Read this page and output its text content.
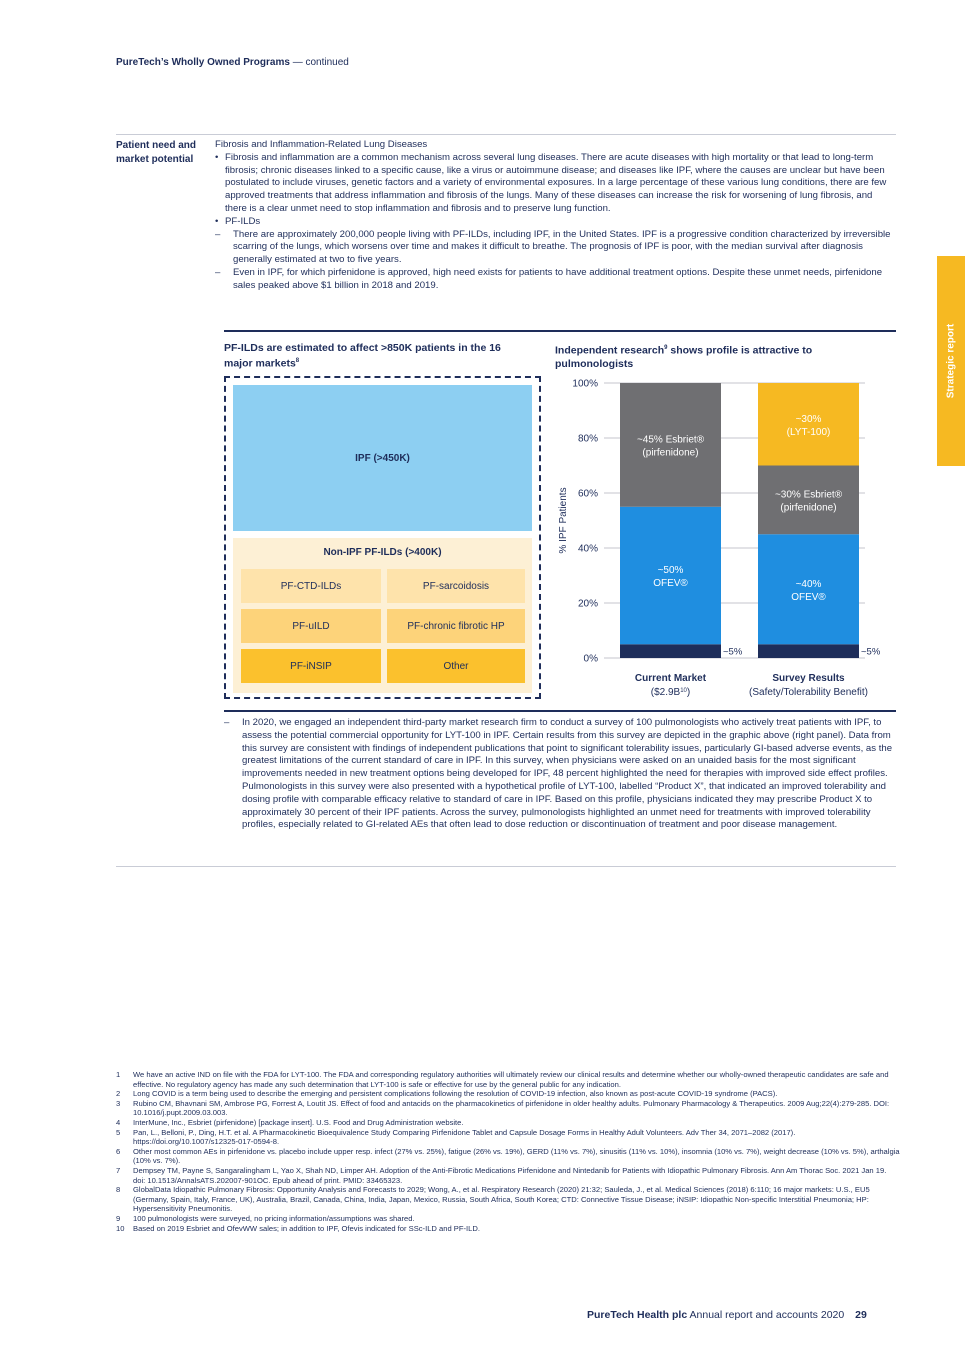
PureTech’s Wholly Owned Programs — continued
Strategic report
Patient need and market potential

Fibrosis and Inflammation-Related Lung Diseases

• Fibrosis and inflammation are a common mechanism across several lung diseases. There are acute diseases with high mortality or that lead to long-term fibrosis; chronic diseases linked to a specific cause, like a virus or autoimmune disease; and diseases like IPF, where the causes are unclear but have been postulated to include viruses, genetic factors and a variety of environmental exposures. In a large percentage of these various lung conditions, there are few approved treatments that address inflammation and fibrosis of the lungs. Many of these diseases can increase the risk for worsening of lung fibrosis, and there is a clear unmet need to stop inflammation and fibrosis and to preserve lung function.

• PF-ILDs

– There are approximately 200,000 people living with PF-ILDs, including IPF, in the United States. IPF is a progressive condition characterized by irreversible scarring of the lungs, which worsens over time and makes it difficult to breathe. The prognosis of IPF is poor, with the median survival after diagnosis generally estimated at two to five years.

– Even in IPF, for which pirfenidone is approved, high need exists for patients to have additional treatment options. Despite these unmet needs, pirfenidone sales peaked above $1 billion in 2018 and 2019.

PF-ILDs are estimated to affect >850K patients in the 16 major markets$^8$
Independent research$^9$ shows profile is attractive to pulmonologists
IPF (>450K)
Non-IPF PF-ILDs (>400K)
PF-CTD-ILDs	PF-sarcoidosis
PF-uILD	PF-chronic fibrotic HP
PF-iNSIP	Other
0%
20%
40%
60%
80%
100%
% IPF Patients
~5%
~50%
OFEV®
~45% Esbriet®
(pirfenidone)
Current Market
$(\$2.9B^{10})$
~5%
~40%
OFEV®
~30% Esbriet®
(pirfenidone)
~30%
(LYT-100)
Survey Results
(Safety/Tolerability Benefit)

– In 2020, we engaged an independent third-party market research firm to conduct a survey of 100 pulmonologists who actively treat patients with IPF, to assess the potential commercial opportunity for LYT-100 in IPF. Certain results from this survey are depicted in the graphic above (right panel). Data from this survey are consistent with findings of independent publications that point to significant tolerability issues, particularly GI-based adverse events, as the greatest limitations of the current standard of care in IPF. In this survey, when physicians were asked on an unaided basis for the most significant improvements needed in new treatment options being developed for IPF, 48 percent highlighted the need for therapies with improved side effect profiles. Pulmonologists in this survey were also presented with a hypothetical profile of LYT-100, labelled “Product X”, that indicated an improved tolerability and dosing profile with comparable efficacy relative to standard of care in IPF. Based on this profile, physicians indicated they may prescribe Product X to approximately 30 percent of their IPF patients. Across the survey, pulmonologists highlighted an unmet need for treatments with improved tolerability profiles, especially related to GI-related AEs that often lead to dose reduction or discontinuation of treatment and poor disease management.

1 We have an active IND on file with the FDA for LYT-100. The FDA and corresponding regulatory authorities will ultimately review our clinical results and determine whether our wholly-owned therapeutic candidates are safe and effective. No regulatory agency has made any such determination that LYT-100 is safe or effective for use by the general public for any indication.
2 Long COVID is a term being used to describe the emerging and persistent complications following the resolution of COVID-19 infection, also known as post-acute COVID-19 syndrome (PACS).
3 Rubino CM, Bhavnani SM, Ambrose PG, Forrest A, Loutit JS. Effect of food and antacids on the pharmacokinetics of pirfenidone in older healthy adults. Pulmonary Pharmacology & Therapeutics. 2009 Aug;22(4):279-285. DOI: 10.1016/j.pupt.2009.03.003.
4 InterMune, Inc., Esbriet (pirfenidone) [package insert]. U.S. Food and Drug Administration website.
5 Pan, L., Belloni, P., Ding, H.T. et al. A Pharmacokinetic Bioequivalence Study Comparing Pirfenidone Tablet and Capsule Dosage Forms in Healthy Adult Volunteers. Adv Ther 34, 2071–2082 (2017). https://doi.org/10.1007/s12325-017-0594-8.
6 Other most common AEs in pirfenidone vs. placebo include upper resp. infect (27% vs. 25%), fatigue (26% vs. 19%), GERD (11% vs. 7%), sinusitis (11% vs. 10%), insomnia (10% vs. 7%), weight decrease (10% vs. 5%), arthalgia (10% vs. 7%).
7 Dempsey TM, Payne S, Sangaralingham L, Yao X, Shah ND, Limper AH. Adoption of the Anti-Fibrotic Medications Pirfenidone and Nintedanib for Patients with Idiopathic Pulmonary Fibrosis. Ann Am Thorac Soc. 2021 Jan 19. doi: 10.1513/AnnalsATS.202007-901OC. Epub ahead of print. PMID: 33465323.
8 GlobalData Idiopathic Pulmonary Fibrosis: Opportunity Analysis and Forecasts to 2029; Wong, A., et al. Respiratory Research (2020) 21:32; Sauleda, J., et al. Medical Sciences (2018) 6:110; 16 major markets: U.S., EU5 (Germany, Spain, Italy, France, UK), Australia, Brazil, Canada, China, India, Japan, Mexico, Russia, South Africa, South Korea; CTD: Connective Tissue Disease; iNSIP: Idiopathic Non-specific Interstitial Pneumonia; HP: Hypersensitivity Pneumonitis.
9 100 pulmonologists were surveyed, no pricing information/assumptions was shared.
10 Based on 2019 Esbriet and OfevWW sales; in addition to IPF, Ofevis indicated for SSc-ILD and PF-ILD.
PureTech Health plc Annual report and accounts 2020 29
